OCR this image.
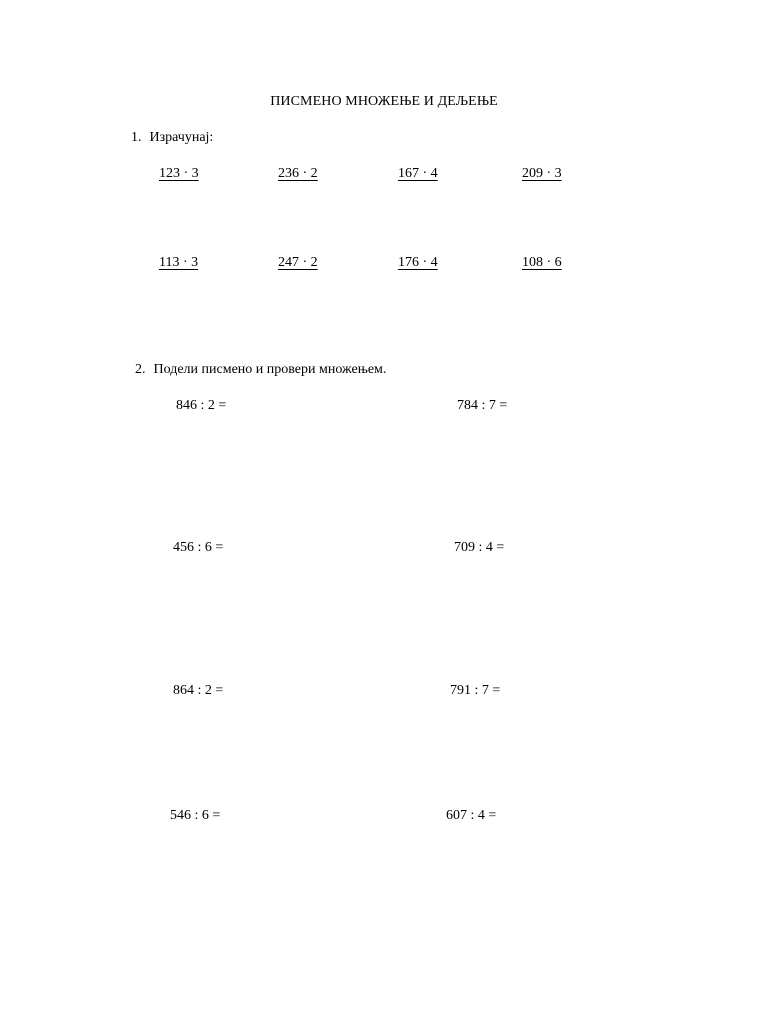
ПИСМЕНО МНОЖЕЊЕ И ДЕЉЕЊЕ
1. Израчунај:
123 · 3	236 · 2	167 · 4	209 · 3
113 · 3	247 · 2	176 · 4	108 · 6
2. Подели писмено и провери множењем.
846 : 2 =	784 : 7 =
456 : 6 =	709 : 4 =
864 : 2 =	791 : 7 =
546 : 6 =	607 : 4 =
